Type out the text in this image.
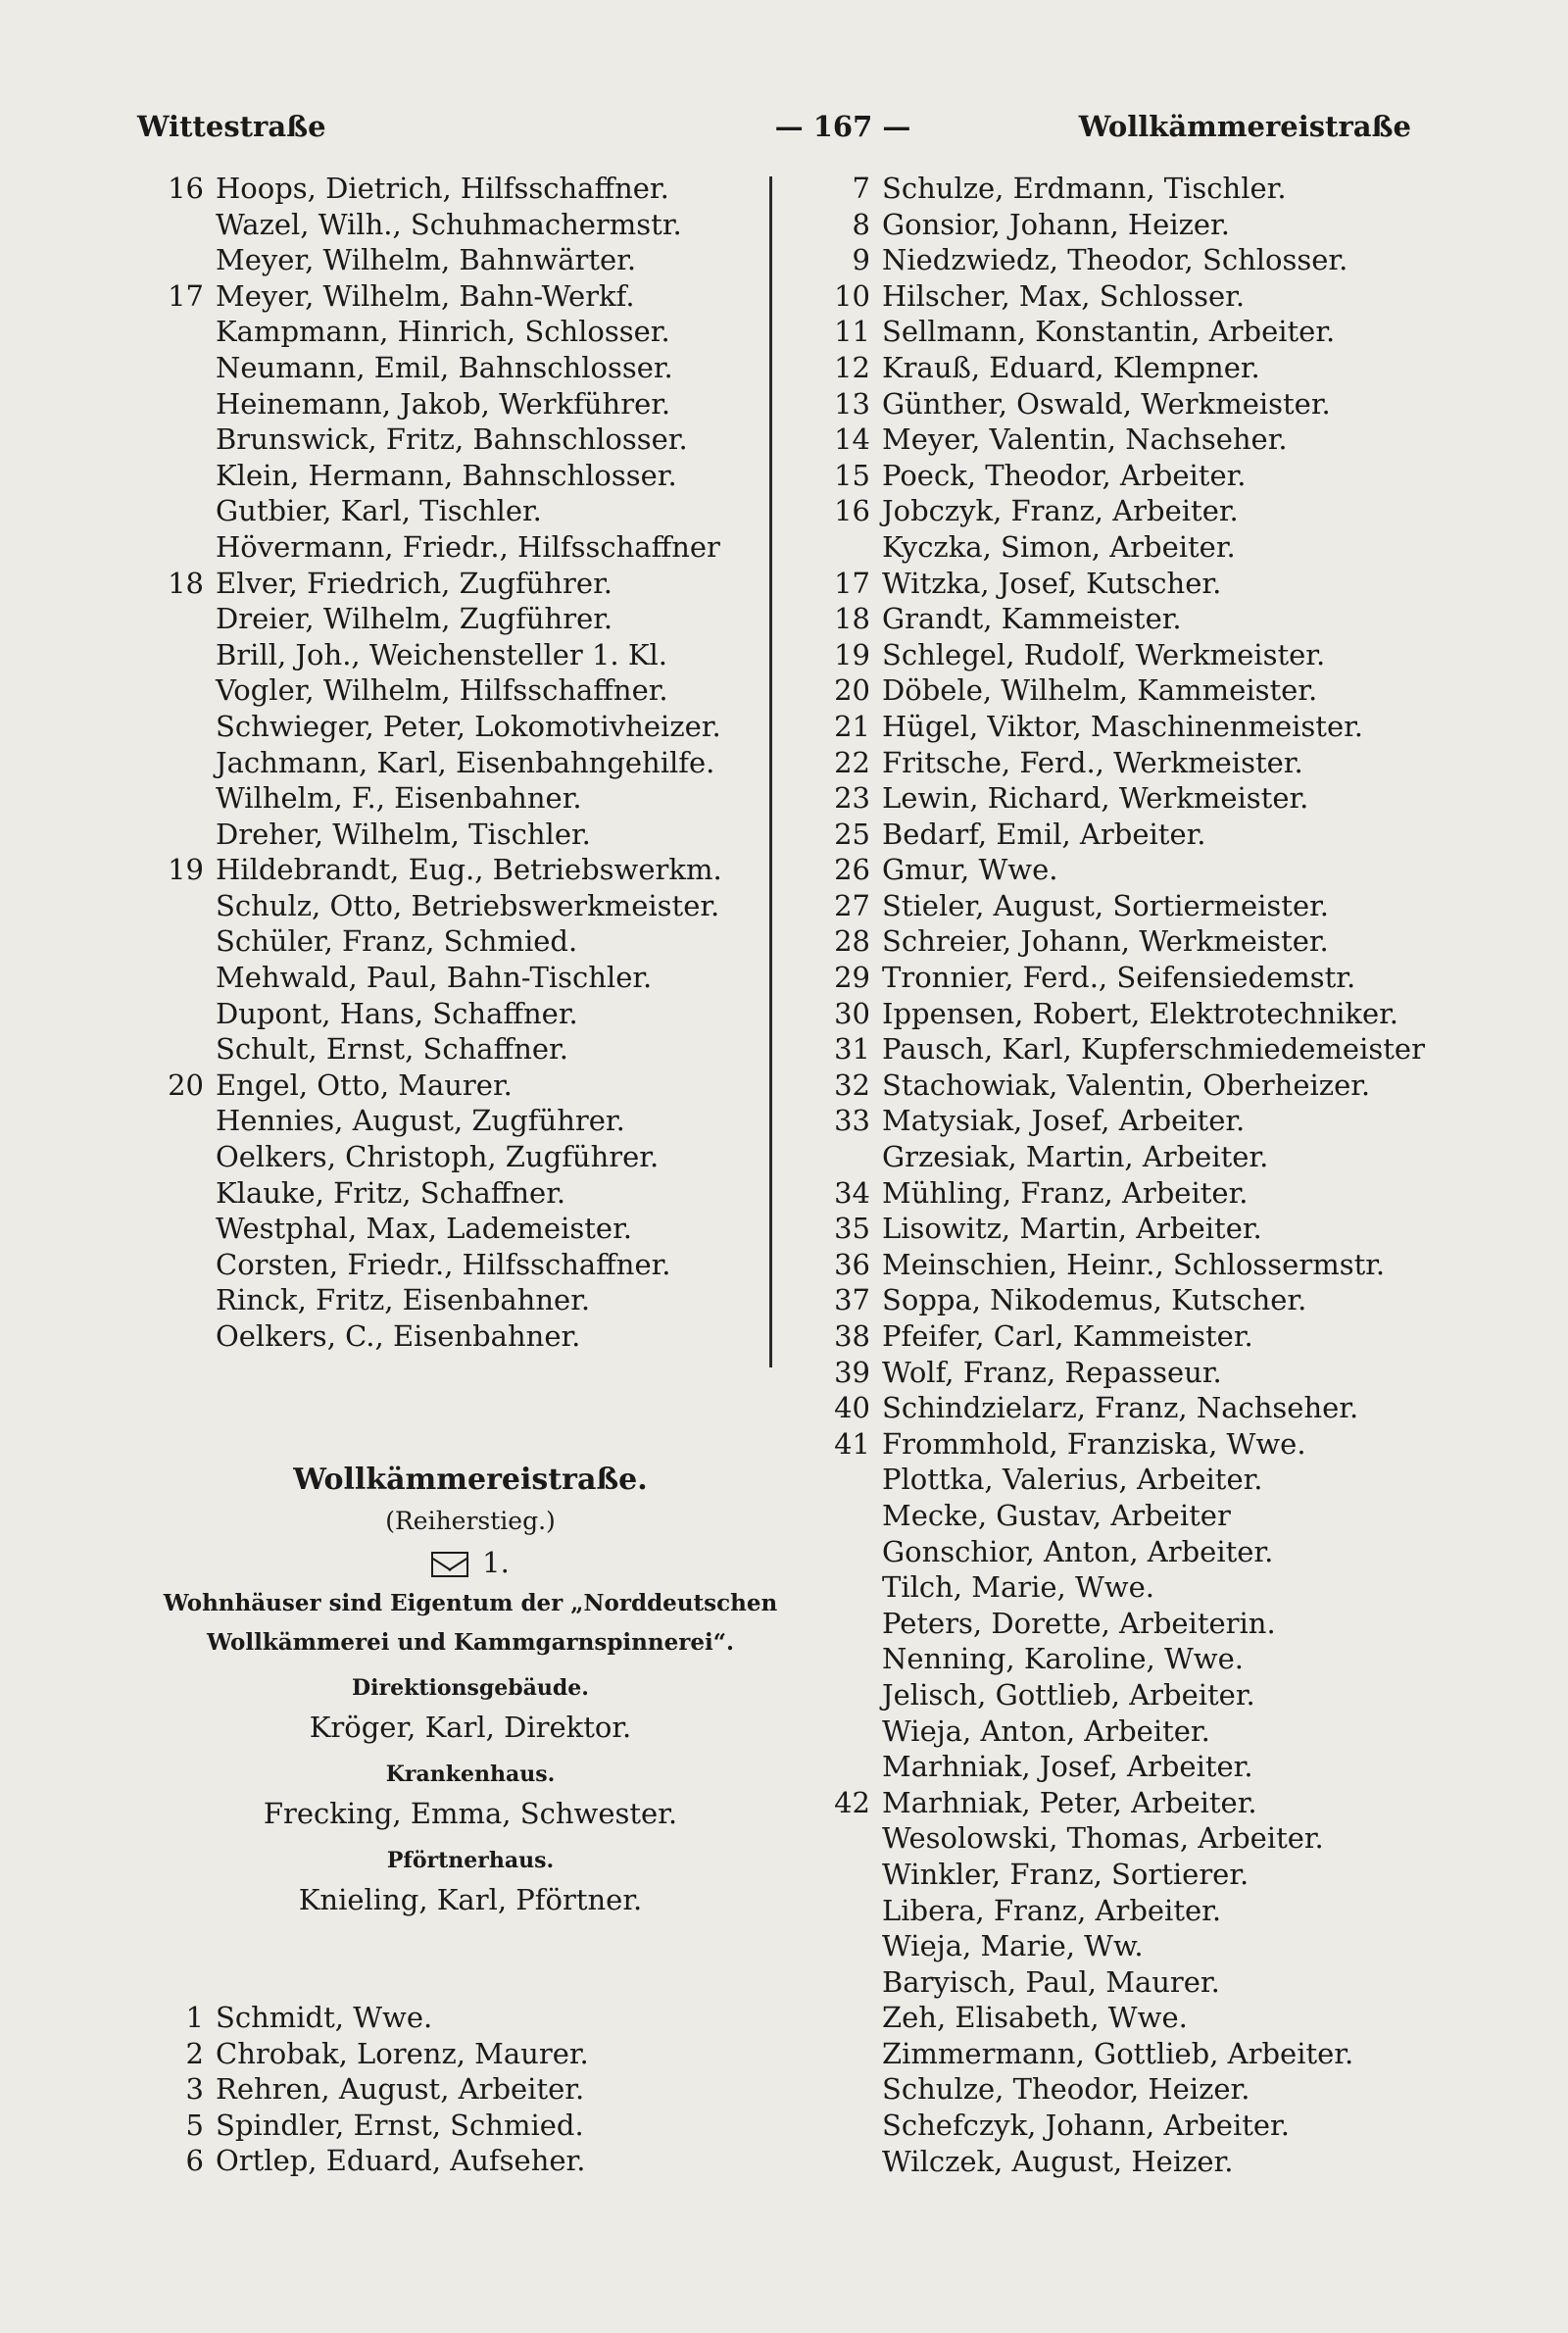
Wittestraße	— 167 —	Wollkämmereistraße
16 Hoops, Dietrich, Hilfsschaffner.
Wazel, Wilh., Schuhmachermstr.
Meyer, Wilhelm, Bahnwärter.
17 Meyer, Wilhelm, Bahn-Werkf.
Kampmann, Hinrich, Schlosser.
Neumann, Emil, Bahnschlosser.
Heinemann, Jakob, Werkführer.
Brunswick, Fritz, Bahnschlosser.
Klein, Hermann, Bahnschlosser.
Gutbier, Karl, Tischler.
Hövermann, Friedr., Hilfsschaffner
18 Elver, Friedrich, Zugführer.
Dreier, Wilhelm, Zugführer.
Brill, Joh., Weichensteller 1. Kl.
Vogler, Wilhelm, Hilfsschaffner.
Schwieger, Peter, Lokomotivheizer.
Jachmann, Karl, Eisenbahngehilfe.
Wilhelm, F., Eisenbahner.
Dreher, Wilhelm, Tischler.
19 Hildebrandt, Eug., Betriebswerkm.
Schulz, Otto, Betriebswerkmeister.
Schüler, Franz, Schmied.
Mehwald, Paul, Bahn-Tischler.
Dupont, Hans, Schaffner.
Schult, Ernst, Schaffner.
20 Engel, Otto, Maurer.
Hennies, August, Zugführer.
Oelkers, Christoph, Zugführer.
Klauke, Fritz, Schaffner.
Westphal, Max, Lademeister.
Corsten, Friedr., Hilfsschaffner.
Rinck, Fritz, Eisenbahner.
Oelkers, C., Eisenbahner.
Wollkämmereistraße.
(Reiherstieg.)
1.
Wohnhäuser sind Eigentum der „Norddeutschen
Wollkämmerei und Kammgarnspinnerei“.
Direktionsgebäude.
Kröger, Karl, Direktor.
Krankenhaus.
Frecking, Emma, Schwester.
Pförtnerhaus.
Knieling, Karl, Pförtner.
1 Schmidt, Wwe.
2 Chrobak, Lorenz, Maurer.
3 Rehren, August, Arbeiter.
5 Spindler, Ernst, Schmied.
6 Ortlep, Eduard, Aufseher.
7 Schulze, Erdmann, Tischler.
8 Gonsior, Johann, Heizer.
9 Niedzwiedz, Theodor, Schlosser.
10 Hilscher, Max, Schlosser.
11 Sellmann, Konstantin, Arbeiter.
12 Krauß, Eduard, Klempner.
13 Günther, Oswald, Werkmeister.
14 Meyer, Valentin, Nachseher.
15 Poeck, Theodor, Arbeiter.
16 Jobczyk, Franz, Arbeiter.
Kyczka, Simon, Arbeiter.
17 Witzka, Josef, Kutscher.
18 Grandt, Kammeister.
19 Schlegel, Rudolf, Werkmeister.
20 Döbele, Wilhelm, Kammeister.
21 Hügel, Viktor, Maschinenmeister.
22 Fritsche, Ferd., Werkmeister.
23 Lewin, Richard, Werkmeister.
25 Bedarf, Emil, Arbeiter.
26 Gmur, Wwe.
27 Stieler, August, Sortiermeister.
28 Schreier, Johann, Werkmeister.
29 Tronnier, Ferd., Seifensiedemstr.
30 Ippensen, Robert, Elektrotechniker.
31 Pausch, Karl, Kupferschmiedemeister
32 Stachowiak, Valentin, Oberheizer.
33 Matysiak, Josef, Arbeiter.
Grzesiak, Martin, Arbeiter.
34 Mühling, Franz, Arbeiter.
35 Lisowitz, Martin, Arbeiter.
36 Meinschien, Heinr., Schlossermstr.
37 Soppa, Nikodemus, Kutscher.
38 Pfeifer, Carl, Kammeister.
39 Wolf, Franz, Repasseur.
40 Schindzielarz, Franz, Nachseher.
41 Frommhold, Franziska, Wwe.
Plottka, Valerius, Arbeiter.
Mecke, Gustav, Arbeiter
Gonschior, Anton, Arbeiter.
Tilch, Marie, Wwe.
Peters, Dorette, Arbeiterin.
Nenning, Karoline, Wwe.
Jelisch, Gottlieb, Arbeiter.
Wieja, Anton, Arbeiter.
Marhniak, Josef, Arbeiter.
42 Marhniak, Peter, Arbeiter.
Wesolowski, Thomas, Arbeiter.
Winkler, Franz, Sortierer.
Libera, Franz, Arbeiter.
Wieja, Marie, Ww.
Baryisch, Paul, Maurer.
Zeh, Elisabeth, Wwe.
Zimmermann, Gottlieb, Arbeiter.
Schulze, Theodor, Heizer.
Schefczyk, Johann, Arbeiter.
Wilczek, August, Heizer.
